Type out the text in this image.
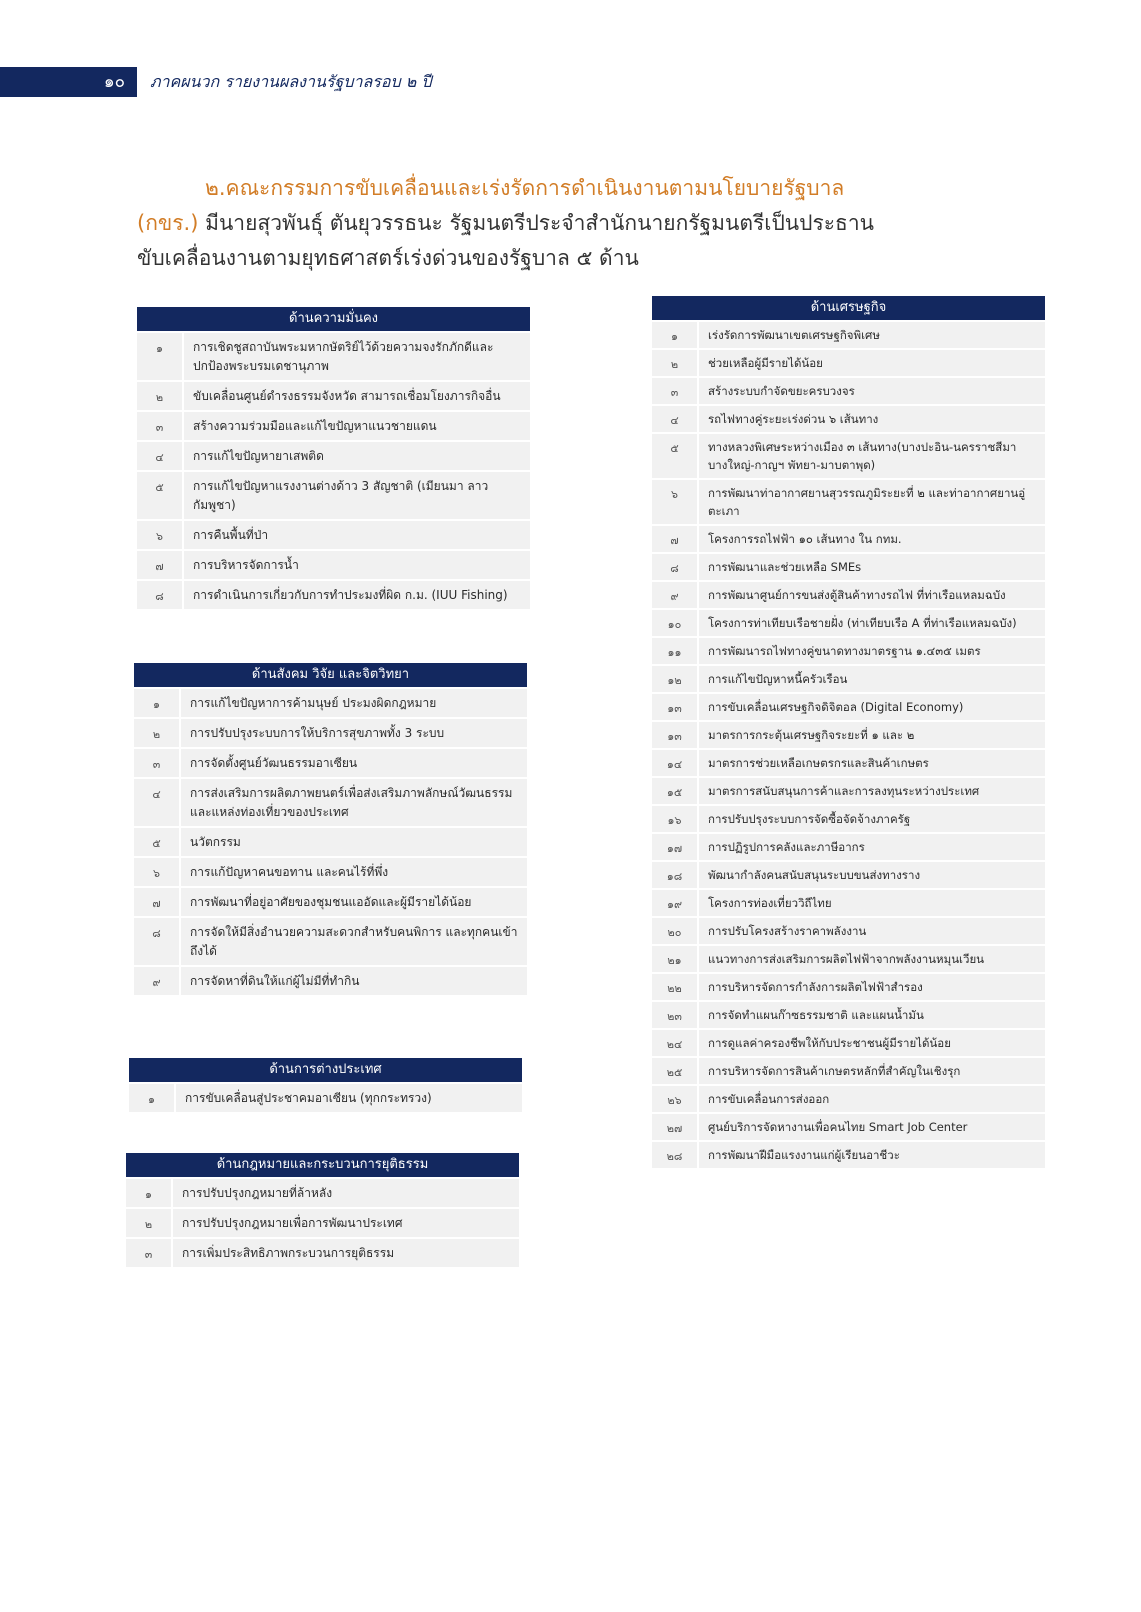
๑๐	ภาคผนวก รายงานผลงานรัฐบาลรอบ ๒ ปี
๒.คณะกรรมการขับเคลื่อนและเร่งรัดการดำเนินงานตามนโยบายรัฐบาล
(กขร.) มีนายสุวพันธุ์ ตันยุวรรธนะ รัฐมนตรีประจำสำนักนายกรัฐมนตรีเป็นประธาน
ขับเคลื่อนงานตามยุทธศาสตร์เร่งด่วนของรัฐบาล ๕ ด้าน
ด้านความมั่นคง
๑	การเชิดชูสถาบันพระมหากษัตริย์ไว้ด้วยความจงรักภักดีและปกป้องพระบรมเดชานุภาพ
๒	ขับเคลื่อนศูนย์ดำรงธรรมจังหวัด สามารถเชื่อมโยงภารกิจอื่น
๓	สร้างความร่วมมือและแก้ไขปัญหาแนวชายแดน
๔	การแก้ไขปัญหายาเสพติด
๕	การแก้ไขปัญหาแรงงานต่างด้าว 3 สัญชาติ (เมียนมา ลาว กัมพูชา)
๖	การคืนพื้นที่ป่า
๗	การบริหารจัดการน้ำ
๘	การดำเนินการเกี่ยวกับการทำประมงที่ผิด ก.ม. (IUU Fishing)
ด้านสังคม วิจัย และจิตวิทยา
๑	การแก้ไขปัญหาการค้ามนุษย์ ประมงผิดกฎหมาย
๒	การปรับปรุงระบบการให้บริการสุขภาพทั้ง 3 ระบบ
๓	การจัดตั้งศูนย์วัฒนธรรมอาเซียน
๔	การส่งเสริมการผลิตภาพยนตร์เพื่อส่งเสริมภาพลักษณ์วัฒนธรรมและแหล่งท่องเที่ยวของประเทศ
๕	นวัตกรรม
๖	การแก้ปัญหาคนขอทาน และคนไร้ที่พึ่ง
๗	การพัฒนาที่อยู่อาศัยของชุมชนแออัดและผู้มีรายได้น้อย
๘	การจัดให้มีสิ่งอำนวยความสะดวกสำหรับคนพิการ และทุกคนเข้าถึงได้
๙	การจัดหาที่ดินให้แก่ผู้ไม่มีที่ทำกิน
ด้านการต่างประเทศ
๑	การขับเคลื่อนสู่ประชาคมอาเซียน (ทุกกระทรวง)
ด้านกฎหมายและกระบวนการยุติธรรม
๑	การปรับปรุงกฎหมายที่ล้าหลัง
๒	การปรับปรุงกฎหมายเพื่อการพัฒนาประเทศ
๓	การเพิ่มประสิทธิภาพกระบวนการยุติธรรม
ด้านเศรษฐกิจ
๑	เร่งรัดการพัฒนาเขตเศรษฐกิจพิเศษ
๒	ช่วยเหลือผู้มีรายได้น้อย
๓	สร้างระบบกำจัดขยะครบวงจร
๔	รถไฟทางคู่ระยะเร่งด่วน ๖ เส้นทาง
๕	ทางหลวงพิเศษระหว่างเมือง ๓ เส้นทาง(บางปะอิน-นครราชสีมา บางใหญ่-กาญฯ พัทยา-มาบตาพุด)
๖	การพัฒนาท่าอากาศยานสุวรรณภูมิระยะที่ ๒ และท่าอากาศยานอู่ตะเภา
๗	โครงการรถไฟฟ้า ๑๐ เส้นทาง ใน กทม.
๘	การพัฒนาและช่วยเหลือ SMEs
๙	การพัฒนาศูนย์การขนส่งตู้สินค้าทางรถไฟ ที่ท่าเรือแหลมฉบัง
๑๐	โครงการท่าเทียบเรือชายฝั่ง (ท่าเทียบเรือ A ที่ท่าเรือแหลมฉบัง)
๑๑	การพัฒนารถไฟทางคู่ขนาดทางมาตรฐาน ๑.๔๓๕ เมตร
๑๒	การแก้ไขปัญหาหนี้ครัวเรือน
๑๓	การขับเคลื่อนเศรษฐกิจดิจิตอล (Digital Economy)
๑๓	มาตรการกระตุ้นเศรษฐกิจระยะที่ ๑ และ ๒
๑๔	มาตรการช่วยเหลือเกษตรกรและสินค้าเกษตร
๑๕	มาตรการสนับสนุนการค้าและการลงทุนระหว่างประเทศ
๑๖	การปรับปรุงระบบการจัดซื้อจัดจ้างภาครัฐ
๑๗	การปฏิรูปการคลังและภาษีอากร
๑๘	พัฒนากำลังคนสนับสนุนระบบขนส่งทางราง
๑๙	โครงการท่องเที่ยววิถีไทย
๒๐	การปรับโครงสร้างราคาพลังงาน
๒๑	แนวทางการส่งเสริมการผลิตไฟฟ้าจากพลังงานหมุนเวียน
๒๒	การบริหารจัดการกำลังการผลิตไฟฟ้าสำรอง
๒๓	การจัดทำแผนก๊าซธรรมชาติ และแผนน้ำมัน
๒๔	การดูแลค่าครองชีพให้กับประชาชนผู้มีรายได้น้อย
๒๕	การบริหารจัดการสินค้าเกษตรหลักที่สำคัญในเชิงรุก
๒๖	การขับเคลื่อนการส่งออก
๒๗	ศูนย์บริการจัดหางานเพื่อคนไทย Smart Job Center
๒๘	การพัฒนาฝีมือแรงงานแก่ผู้เรียนอาชีวะ
